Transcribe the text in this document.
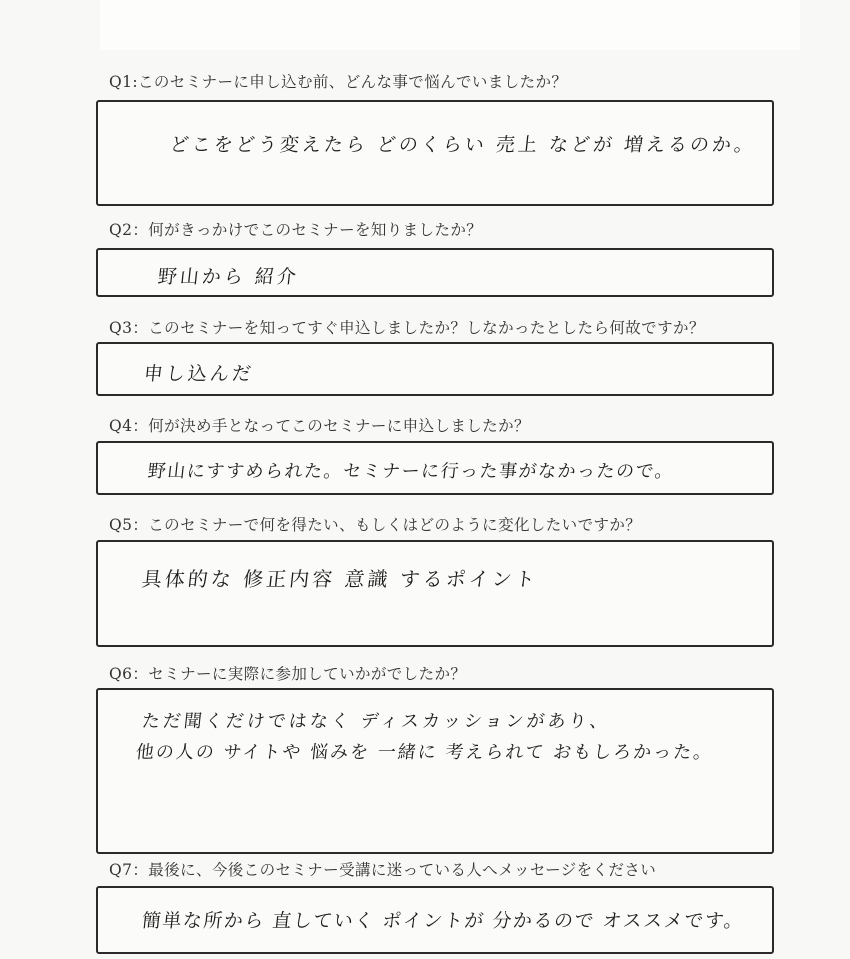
Q1:このセミナーに申し込む前、どんな事で悩んでいましたか？
どこをどう変えたら どのくらい 売上 などが 増えるのか。
Q2：何がきっかけでこのセミナーを知りましたか？
野山から 紹介
Q3：このセミナーを知ってすぐ申込しましたか？しなかったとしたら何故ですか？
申し込んだ
Q4：何が決め手となってこのセミナーに申込しましたか？
野山にすすめられた。セミナーに行った事がなかったので。
Q5：このセミナーで何を得たい、もしくはどのように変化したいですか？
具体的な 修正内容 意識 するポイント
Q6：セミナーに実際に参加していかがでしたか？
ただ聞くだけではなく ディスカッションがあり、
他の人の サイトや 悩みを 一緒に 考えられて おもしろかった。
Q7：最後に、今後このセミナー受講に迷っている人へメッセージをください
簡単な所から 直していく ポイントが 分かるので オススメです。
